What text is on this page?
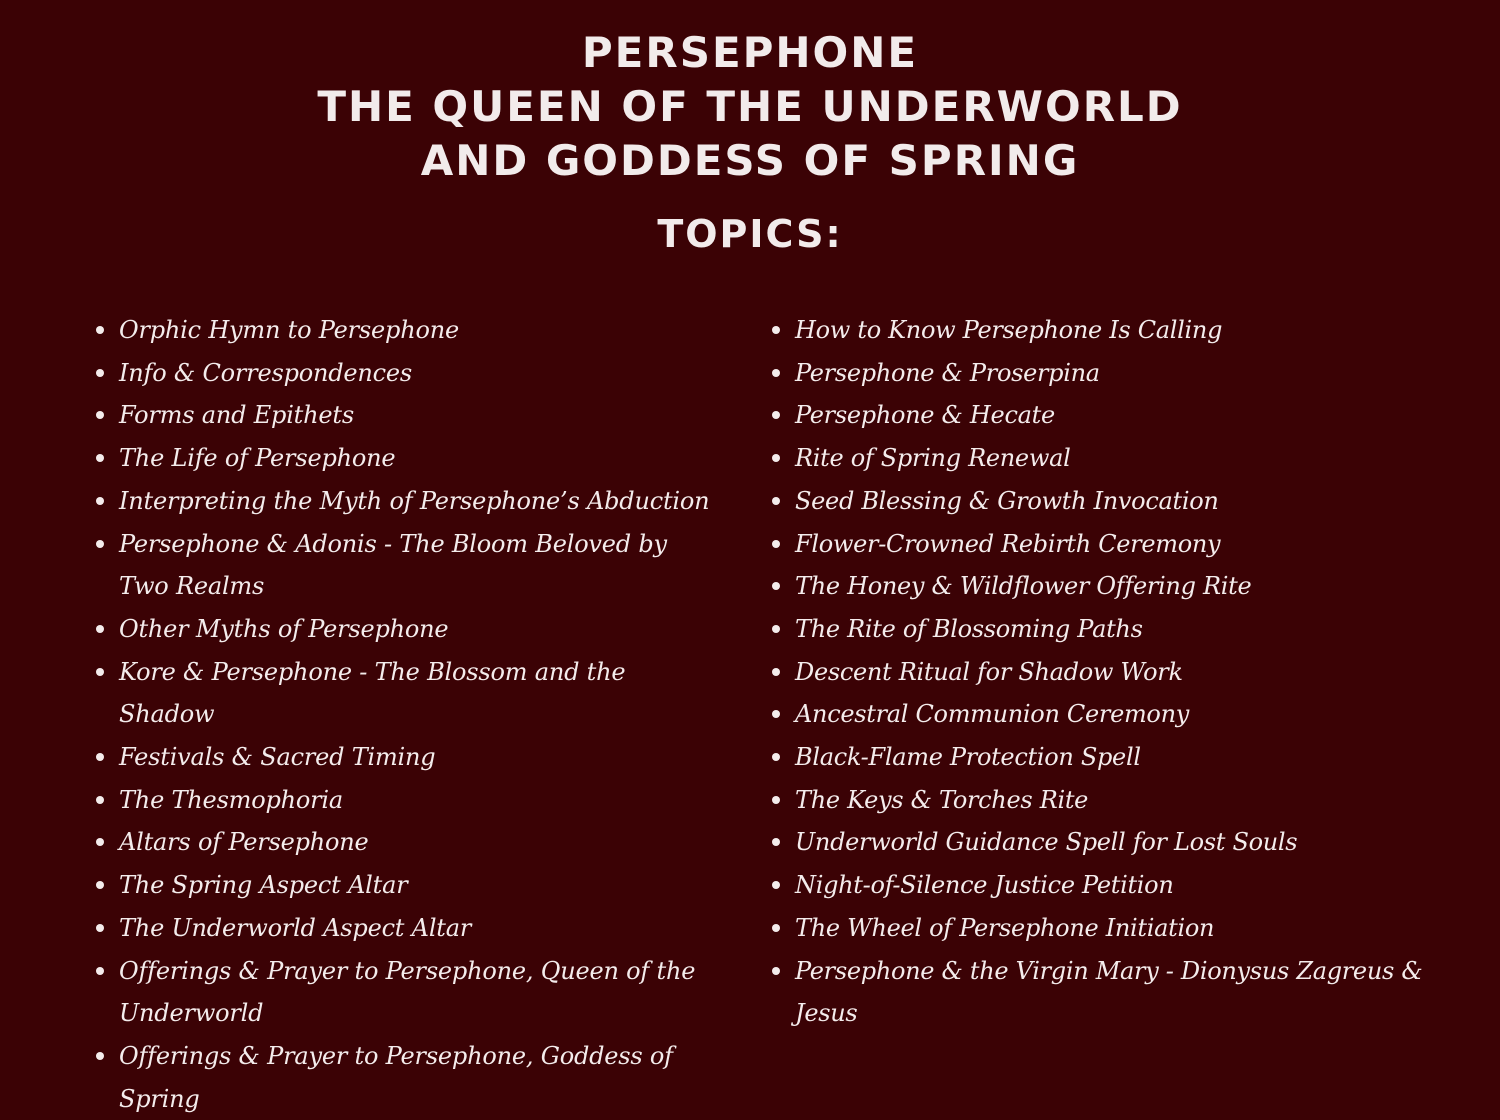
PERSEPHONE
THE QUEEN OF THE UNDERWORLD
AND GODDESS OF SPRING
TOPICS:
Orphic Hymn to Persephone
Info & Correspondences
Forms and Epithets
The Life of Persephone
Interpreting the Myth of Persephone’s Abduction
Persephone & Adonis - The Bloom Beloved by Two Realms
Other Myths of Persephone
Kore & Persephone - The Blossom and the Shadow
Festivals & Sacred Timing
The Thesmophoria
Altars of Persephone
The Spring Aspect Altar
The Underworld Aspect Altar
Offerings & Prayer to Persephone, Queen of the Underworld
Offerings & Prayer to Persephone, Goddess of Spring
How to Know Persephone Is Calling
Persephone & Proserpina
Persephone & Hecate
Rite of Spring Renewal
Seed Blessing & Growth Invocation
Flower-Crowned Rebirth Ceremony
The Honey & Wildflower Offering Rite
The Rite of Blossoming Paths
Descent Ritual for Shadow Work
Ancestral Communion Ceremony
Black-Flame Protection Spell
The Keys & Torches Rite
Underworld Guidance Spell for Lost Souls
Night-of-Silence Justice Petition
The Wheel of Persephone Initiation
Persephone & the Virgin Mary - Dionysus Zagreus & Jesus
